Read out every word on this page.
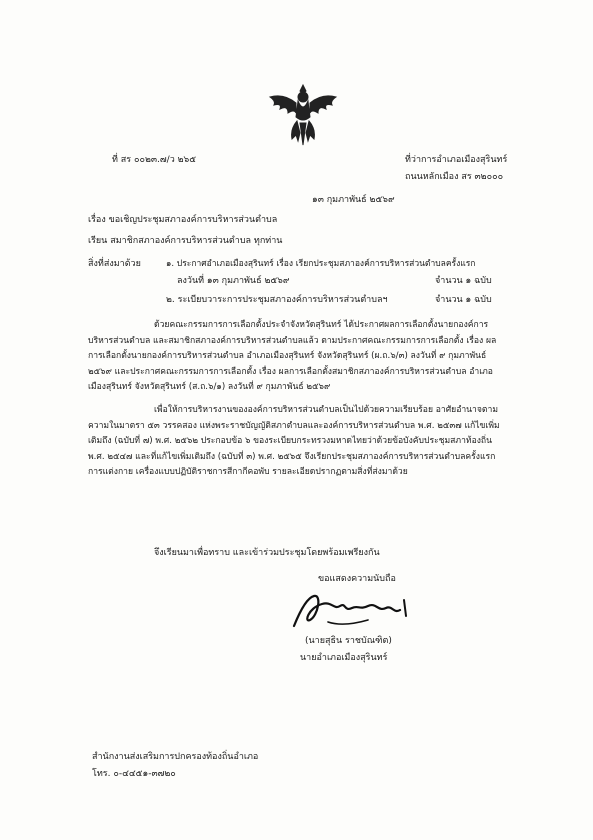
ที่ สร ๐๐๒๓.๗/ว ๒๖๕	ที่ว่าการอำเภอเมืองสุรินทร์
ถนนหลักเมือง สร ๓๒๐๐๐
๑๓ กุมภาพันธ์ ๒๕๖๙
เรื่อง ขอเชิญประชุมสภาองค์การบริหารส่วนตำบล
เรียน สมาชิกสภาองค์การบริหารส่วนตำบล ทุกท่าน
สิ่งที่ส่งมาด้วย	๑. ประกาศอำเภอเมืองสุรินทร์ เรื่อง เรียกประชุมสภาองค์การบริหารส่วนตำบลครั้งแรก
ลงวันที่ ๑๓ กุมภาพันธ์ ๒๕๖๙	จำนวน ๑ ฉบับ
๒. ระเบียบวาระการประชุมสภาองค์การบริหารส่วนตำบลฯ	จำนวน ๑ ฉบับ
ด้วยคณะกรรมการการเลือกตั้งประจำจังหวัดสุรินทร์ ได้ประกาศผลการเลือกตั้งนายกองค์การบริหารส่วนตำบล และสมาชิกสภาองค์การบริหารส่วนตำบลแล้ว ตามประกาศคณะกรรมการการเลือกตั้ง เรื่อง ผลการเลือกตั้งนายกองค์การบริหารส่วนตำบล อำเภอเมืองสุรินทร์ จังหวัดสุรินทร์ (ผ.ถ.๖/๓) ลงวันที่ ๙ กุมภาพันธ์ ๒๕๖๙ และประกาศคณะกรรมการการเลือกตั้ง เรื่อง ผลการเลือกตั้งสมาชิกสภาองค์การบริหารส่วนตำบล อำเภอเมืองสุรินทร์ จังหวัดสุรินทร์ (ส.ถ.๖/๑) ลงวันที่ ๙ กุมภาพันธ์ ๒๕๖๙
เพื่อให้การบริหารงานขององค์การบริหารส่วนตำบลเป็นไปด้วยความเรียบร้อย อาศัยอำนาจตามความในมาตรา ๕๓ วรรคสอง แห่งพระราชบัญญัติสภาตำบลและองค์การบริหารส่วนตำบล พ.ศ. ๒๕๓๗ แก้ไขเพิ่มเติมถึง (ฉบับที่ ๗) พ.ศ. ๒๕๖๒ ประกอบข้อ ๖ ของระเบียบกระทรวงมหาดไทยว่าด้วยข้อบังคับประชุมสภาท้องถิ่น พ.ศ. ๒๕๔๗ และที่แก้ไขเพิ่มเติมถึง (ฉบับที่ ๓) พ.ศ. ๒๕๖๕ จึงเรียกประชุมสภาองค์การบริหารส่วนตำบลครั้งแรก การแต่งกาย เครื่องแบบปฏิบัติราชการสีกากีคอพับ รายละเอียดปรากฏตามสิ่งที่ส่งมาด้วย
จึงเรียนมาเพื่อทราบ และเข้าร่วมประชุมโดยพร้อมเพรียงกัน
ขอแสดงความนับถือ
(นายสุธิน ราชบัณฑิต)
นายอำเภอเมืองสุรินทร์
สำนักงานส่งเสริมการปกครองท้องถิ่นอำเภอ
โทร. ๐-๔๔๕๑-๓๗๒๐
